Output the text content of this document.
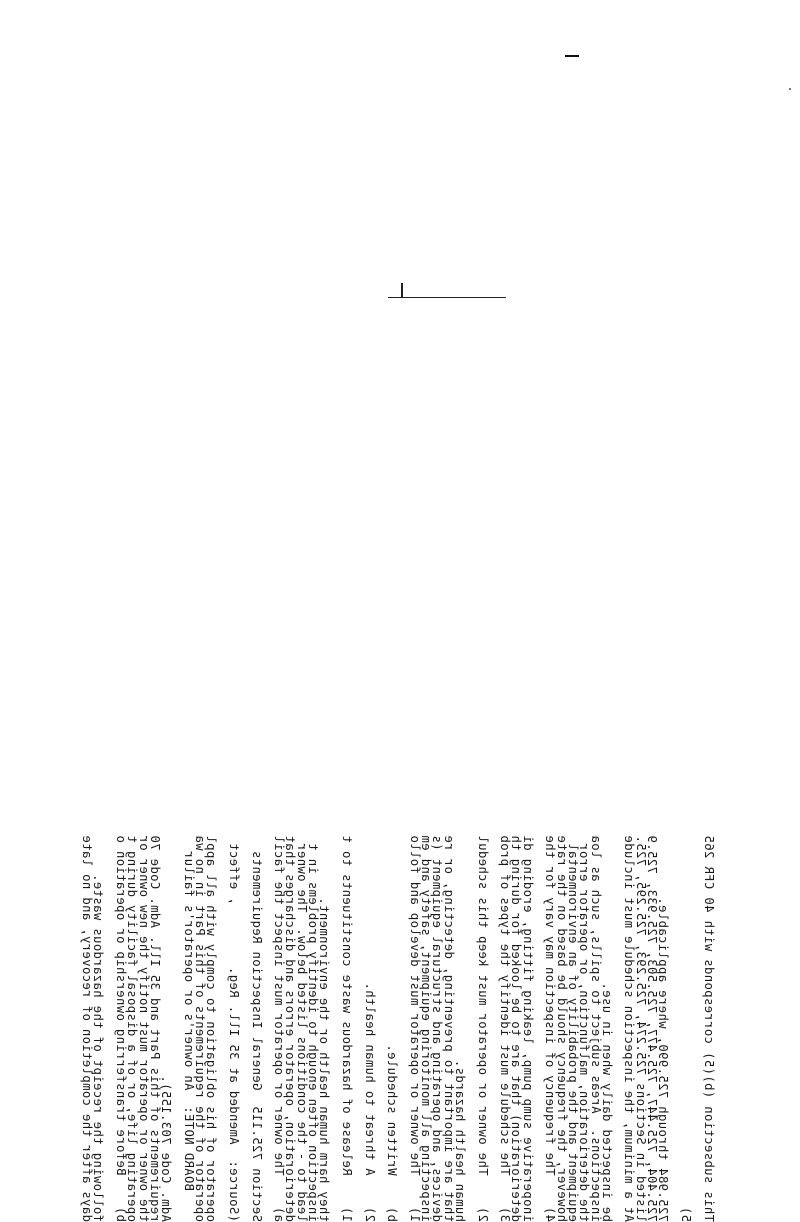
days after the completion of recovery, and no late
following the receipt of the hazardous waste. b)    Before transferring ownership or operation o
operating life, or of a disposal facility during t
the owner or operator must notify the new owner or
requirements of this Part and 35 Ill. Adm. Code 70
Adm. Code 703.155). BOARD NOTE:  An owner's or operator's failur
operator of the requirements of this Part in no wa
operator of his obligation to comply with all appl (Source:  Amended at 35 Ill. Reg.        , effect Section 725.115  General Inspection Requirements a)    The owner or operator must inspect the facil
deterioration, operator errors and discharges that
lead to - the conditions listed below.  The owner
inspection often enough to identify problems in t
they harm human health or the environment. 1)    Release of hazardous waste constituents to t 2)    A threat to human health. b)    Written schedule. 1)    The owner or operator must develop and follo
inspecting all monitoring equipment, safety and em
devices, and operating and structural equipment (s
that are important to preventing, detecting, or re
human health hazards. 2)    The owner or operator must keep this schedul 3)    The schedule must identify the types of prob
deterioration) that are to be looked for during th
inoperative sump pump, leaking fitting, eroding di 4)    The frequency of inspection may vary for the
however, the frequency should be based on the rate
equipment and the probability of an environmental
the deterioration, malfunction, or operator error
inspections.  Areas subject to spills, such as loa
be inspected daily when in use. At a minimum, the inspection schedule must include
listed in Sections 725.274, 725.293, 725.295, 725.
725.404, 725.447, 725.477, 725.503, 725.933, 725.9
725.984 through 725.990, where applicable. 5) This subsection (b)(5) corresponds with 40 CFR 265
